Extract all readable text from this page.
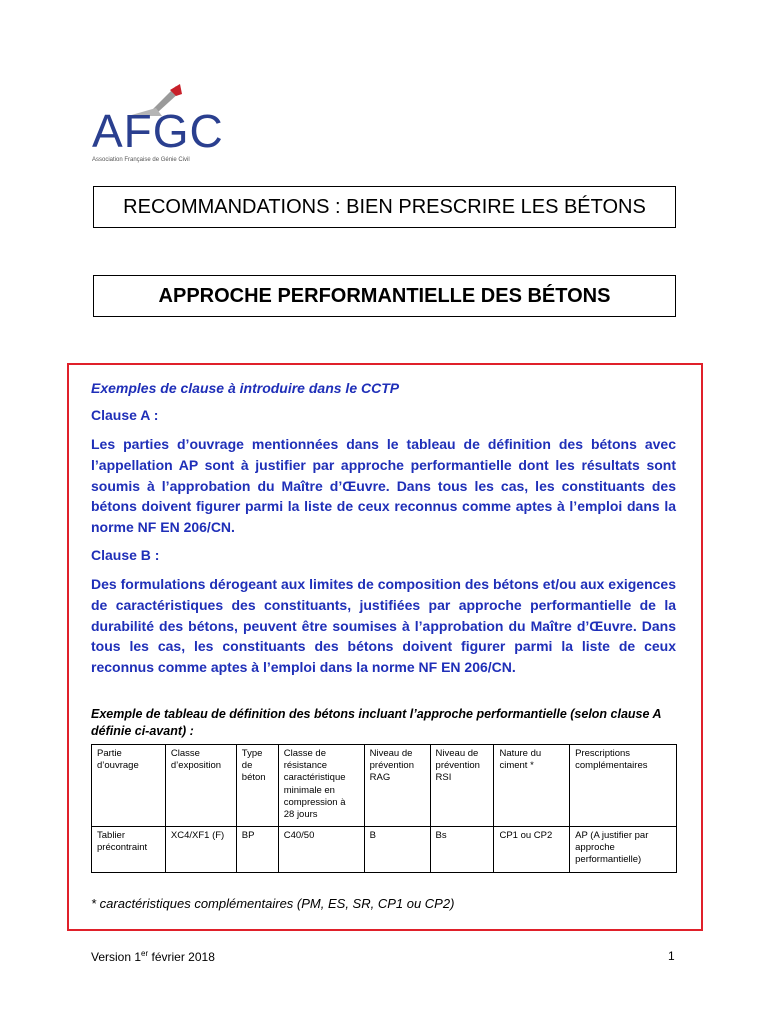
AFGC
Association Française de Génie Civil
RECOMMANDATIONS : BIEN PRESCRIRE LES BÉTONS
APPROCHE PERFORMANTIELLE DES BÉTONS
Exemples de clause à introduire dans le CCTP
Clause A :
Les parties d’ouvrage mentionnées dans le tableau de définition des bétons avec l’appellation AP sont à justifier par approche performantielle dont les résultats sont soumis à l’approbation du Maître d’Œuvre. Dans tous les cas, les constituants des bétons doivent figurer parmi la liste de ceux reconnus comme aptes à l’emploi dans la norme NF EN 206/CN.
Clause B :
Des formulations dérogeant aux limites de composition des bétons et/ou aux exigences de caractéristiques des constituants, justifiées par approche performantielle de la durabilité des bétons, peuvent être soumises à l’approbation du Maître d’Œuvre. Dans tous les cas, les constituants des bétons doivent figurer parmi la liste de ceux reconnus comme aptes à l’emploi dans la norme NF EN 206/CN.
Exemple de tableau de définition des bétons incluant l’approche performantielle (selon clause A définie ci-avant) :
Partie d’ouvrage	Classe d’exposition	Type de béton	Classe de résistance caractéristique minimale en compression à 28 jours	Niveau de prévention RAG	Niveau de prévention RSI	Nature du ciment *	Prescriptions complémentaires
Tablier précontraint	XC4/XF1 (F)	BP	C40/50	B	Bs	CP1 ou CP2	AP (A justifier par approche performantielle)
* caractéristiques complémentaires (PM, ES, SR, CP1 ou CP2)
Version 1er février 2018	1
